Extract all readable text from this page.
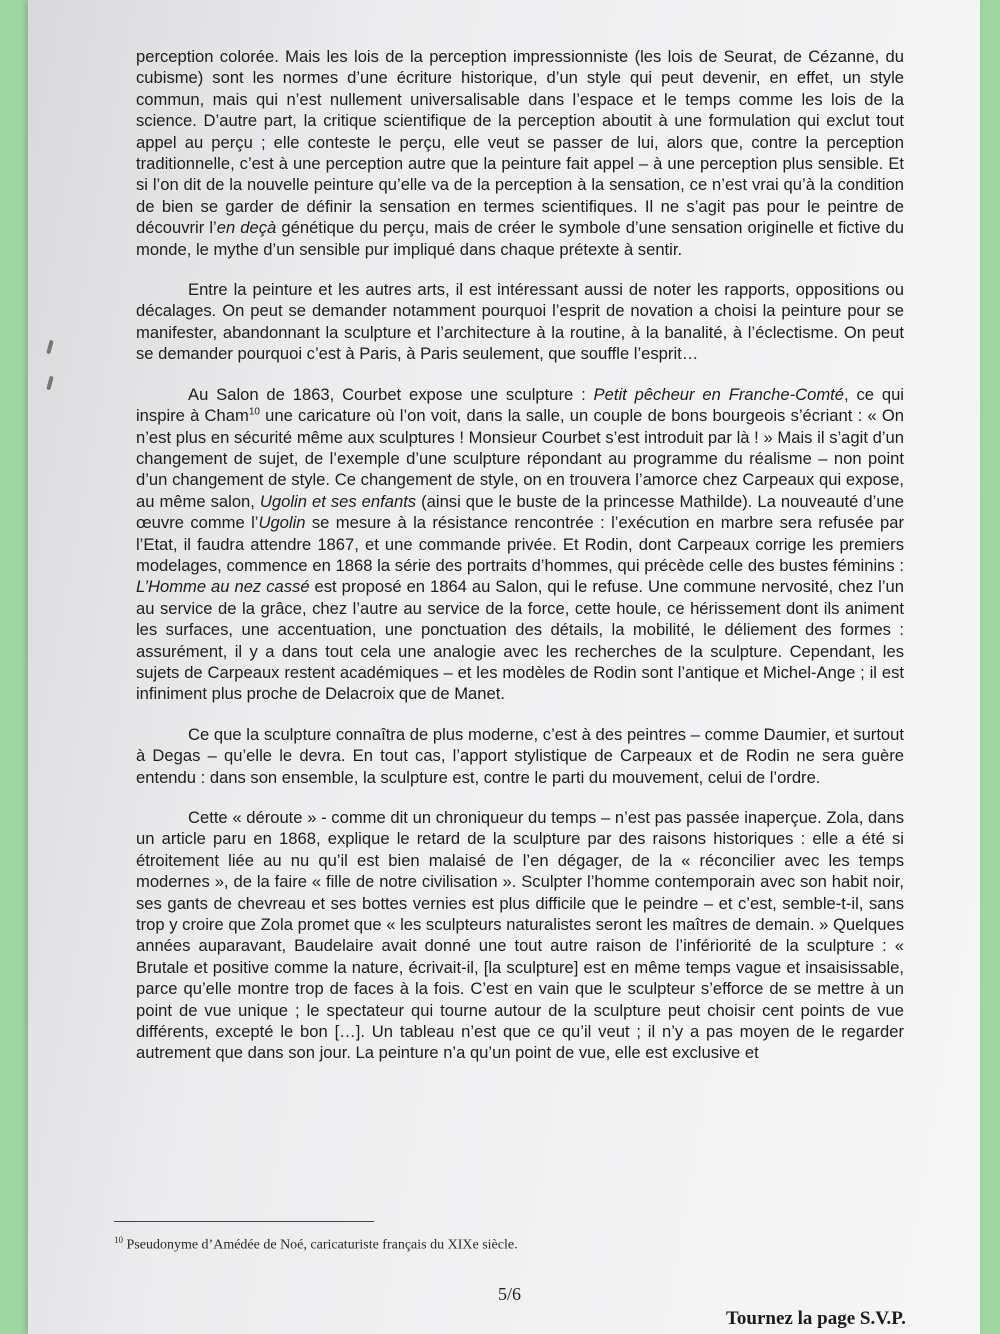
perception colorée. Mais les lois de la perception impressionniste (les lois de Seurat, de Cézanne, du cubisme) sont les normes d’une écriture historique, d’un style qui peut devenir, en effet, un style commun, mais qui n’est nullement universalisable dans l’espace et le temps comme les lois de la science. D’autre part, la critique scientifique de la perception aboutit à une formulation qui exclut tout appel au perçu ; elle conteste le perçu, elle veut se passer de lui, alors que, contre la perception traditionnelle, c’est à une perception autre que la peinture fait appel – à une perception plus sensible. Et si l’on dit de la nouvelle peinture qu’elle va de la perception à la sensation, ce n’est vrai qu’à la condition de bien se garder de définir la sensation en termes scientifiques. Il ne s’agit pas pour le peintre de découvrir l’en deçà génétique du perçu, mais de créer le symbole d’une sensation originelle et fictive du monde, le mythe d’un sensible pur impliqué dans chaque prétexte à sentir.

Entre la peinture et les autres arts, il est intéressant aussi de noter les rapports, oppositions ou décalages. On peut se demander notamment pourquoi l’esprit de novation a choisi la peinture pour se manifester, abandonnant la sculpture et l’architecture à la routine, à la banalité, à l’éclectisme. On peut se demander pourquoi c’est à Paris, à Paris seulement, que souffle l’esprit…

Au Salon de 1863, Courbet expose une sculpture : Petit pêcheur en Franche-Comté, ce qui inspire à Cham$^{10}$ une caricature où l’on voit, dans la salle, un couple de bons bourgeois s’écriant : « On n’est plus en sécurité même aux sculptures ! Monsieur Courbet s’est introduit par là ! » Mais il s’agit d’un changement de sujet, de l’exemple d’une sculpture répondant au programme du réalisme – non point d’un changement de style. Ce changement de style, on en trouvera l’amorce chez Carpeaux qui expose, au même salon, Ugolin et ses enfants (ainsi que le buste de la princesse Mathilde). La nouveauté d’une œuvre comme l’Ugolin se mesure à la résistance rencontrée : l’exécution en marbre sera refusée par l’Etat, il faudra attendre 1867, et une commande privée. Et Rodin, dont Carpeaux corrige les premiers modelages, commence en 1868 la série des portraits d’hommes, qui précède celle des bustes féminins : L’Homme au nez cassé est proposé en 1864 au Salon, qui le refuse. Une commune nervosité, chez l’un au service de la grâce, chez l’autre au service de la force, cette houle, ce hérissement dont ils animent les surfaces, une accentuation, une ponctuation des détails, la mobilité, le déliement des formes : assurément, il y a dans tout cela une analogie avec les recherches de la sculpture. Cependant, les sujets de Carpeaux restent académiques – et les modèles de Rodin sont l’antique et Michel-Ange ; il est infiniment plus proche de Delacroix que de Manet.

Ce que la sculpture connaîtra de plus moderne, c’est à des peintres – comme Daumier, et surtout à Degas – qu’elle le devra. En tout cas, l’apport stylistique de Carpeaux et de Rodin ne sera guère entendu : dans son ensemble, la sculpture est, contre le parti du mouvement, celui de l’ordre.

Cette « déroute » - comme dit un chroniqueur du temps – n’est pas passée inaperçue. Zola, dans un article paru en 1868, explique le retard de la sculpture par des raisons historiques : elle a été si étroitement liée au nu qu’il est bien malaisé de l’en dégager, de la « réconcilier avec les temps modernes », de la faire « fille de notre civilisation ». Sculpter l’homme contemporain avec son habit noir, ses gants de chevreau et ses bottes vernies est plus difficile que le peindre – et c’est, semble-t-il, sans trop y croire que Zola promet que « les sculpteurs naturalistes seront les maîtres de demain. » Quelques années auparavant, Baudelaire avait donné une tout autre raison de l’infériorité de la sculpture : « Brutale et positive comme la nature, écrivait-il, [la sculpture] est en même temps vague et insaisissable, parce qu’elle montre trop de faces à la fois. C’est en vain que le sculpteur s’efforce de se mettre à un point de vue unique ; le spectateur qui tourne autour de la sculpture peut choisir cent points de vue différents, excepté le bon […]. Un tableau n’est que ce qu’il veut ; il n’y a pas moyen de le regarder autrement que dans son jour. La peinture n’a qu’un point de vue, elle est exclusive et

$^{10}$ Pseudonyme d’Amédée de Noé, caricaturiste français du XIXe siècle.
5/6
Tournez la page S.V.P.
